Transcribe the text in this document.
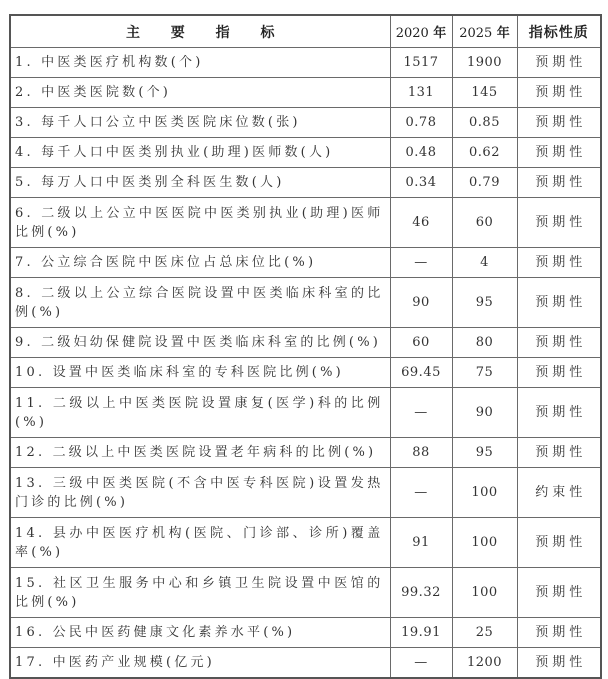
主 要 指 标	2020 年	2025 年	指标性质
1. 中医类医疗机构数(个)	1517	1900	预期性
2. 中医类医院数(个)	131	145	预期性
3. 每千人口公立中医类医院床位数(张)	0.78	0.85	预期性
4. 每千人口中医类别执业(助理)医师数(人)	0.48	0.62	预期性
5. 每万人口中医类别全科医生数(人)	0.34	0.79	预期性
6. 二级以上公立中医医院中医类别执业(助理)医师比例(%)	46	60	预期性
7. 公立综合医院中医床位占总床位比(%)	—	4	预期性
8. 二级以上公立综合医院设置中医类临床科室的比例(%)	90	95	预期性
9. 二级妇幼保健院设置中医类临床科室的比例(%)	60	80	预期性
10. 设置中医类临床科室的专科医院比例(%)	69.45	75	预期性
11. 二级以上中医类医院设置康复(医学)科的比例(%)	—	90	预期性
12. 二级以上中医类医院设置老年病科的比例(%)	88	95	预期性
13. 三级中医类医院(不含中医专科医院)设置发热门诊的比例(%)	—	100	约束性
14. 县办中医医疗机构(医院、门诊部、诊所)覆盖率(%)	91	100	预期性
15. 社区卫生服务中心和乡镇卫生院设置中医馆的比例(%)	99.32	100	预期性
16. 公民中医药健康文化素养水平(%)	19.91	25	预期性
17. 中医药产业规模(亿元)	—	1200	预期性
